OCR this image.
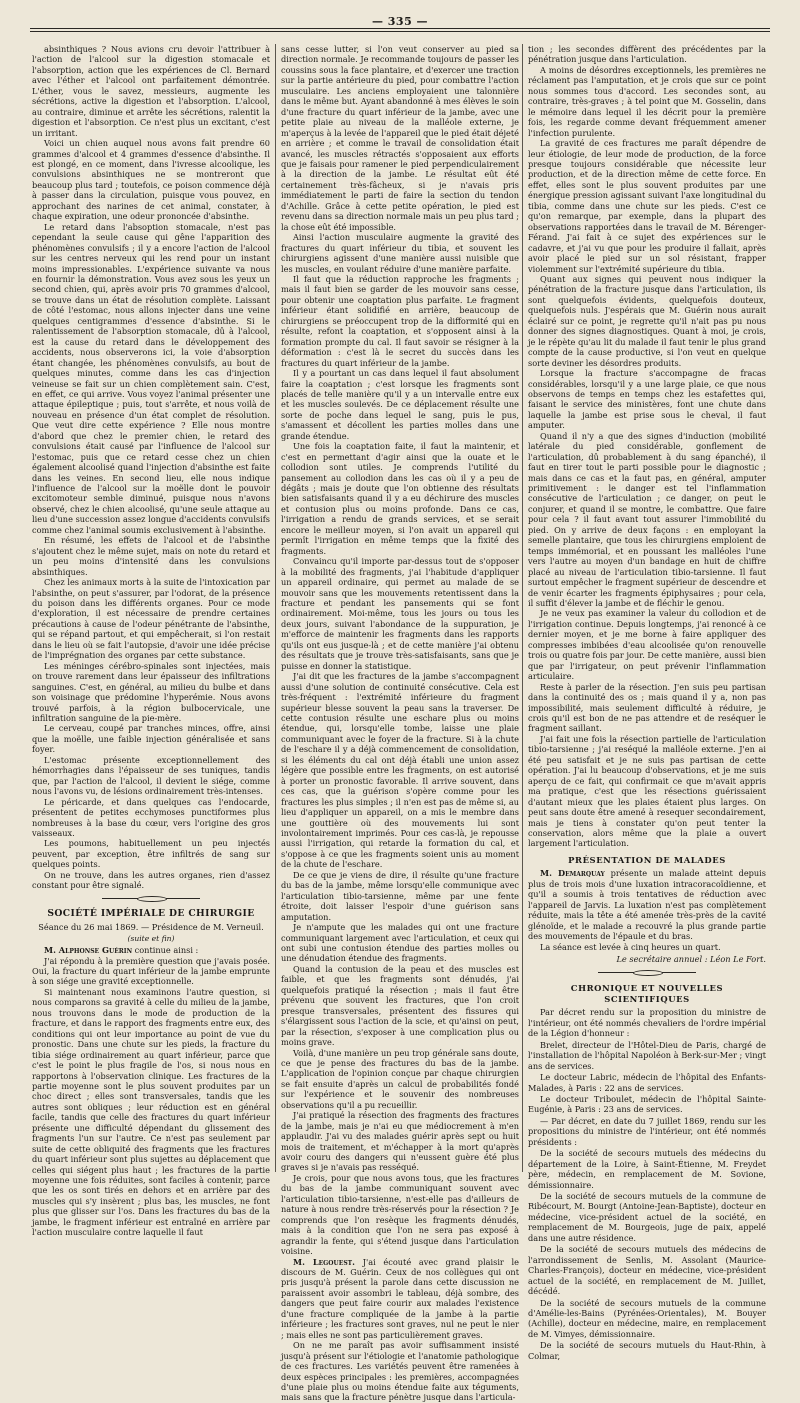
— 335 —

absinthiques ? Nous avions cru devoir l'attribuer à l'action de l'alcool sur la digestion stomacale et l'absorption, action que les expériences de Cl. Bernard avec l'éther et l'alcool ont parfaitement démontrée. L'éther, vous le savez, messieurs, augmente les sécrétions, active la digestion et l'absorption. L'alcool, au contraire, diminue et arrête les sécrétions, ralentit la digestion et l'absorption. Ce n'est plus un excitant, c'est un irritant.

Voici un chien auquel nous avons fait prendre 60 grammes d'alcool et 4 grammes d'essence d'absinthe. Il est plongé, en ce moment, dans l'ivresse alcoolique, les convulsions absinthiques ne se montreront que beaucoup plus tard ; toutefois, ce poison commence déjà à passer dans la circulation, puisque vous pouvez, en approchant des narines de cet animal, constater, à chaque expiration, une odeur prononcée d'absinthe.

Le retard dans l'absoption stomacale, n'est pas cependant la seule cause qui gêne l'apparition des phénomènes convulsifs ; il y a encore l'action de l'alcool sur les centres nerveux qui les rend pour un instant moins impressionables. L'expérience suivante va nous en fournir la démonstration. Vous avez sous les yeux un second chien, qui, après avoir pris 70 grammes d'alcool, se trouve dans un état de résolution complète. Laissant de côté l'estomac, nous allons injecter dans une veine quelques centigrammes d'essence d'absinthe. Si le ralentissement de l'absorption stomacale, dû à l'alcool, est la cause du retard dans le développement des accidents, nous observerons ici, la voie d'absorption étant changée, les phénomènes convulsifs, au bout de quelques minutes, comme dans les cas d'injection veineuse se fait sur un chien complètement sain. C'est, en effet, ce qui arrive. Vous voyez l'animal présenter une attaque épileptique ; puis, tout s'arrête, et nous voilà de nouveau en présence d'un état complet de résolution. Que veut dire cette expérience ? Elle nous montre d'abord que chez le premier chien, le retard des convulsions était causé par l'influence de l'alcool sur l'estomac, puis que ce retard cesse chez un chien également alcoolisé quand l'injection d'absinthe est faite dans les veines. En second lieu, elle nous indique l'influence de l'alcool sur la moëlle dont le pouvoir excitomoteur semble diminué, puisque nous n'avons observé, chez le chien alcoolisé, qu'une seule attaque au lieu d'une succession assez longue d'accidents convulsifs comme chez l'animal soumis exclusivement à l'absinthe.

En résumé, les effets de l'alcool et de l'absinthe s'ajoutent chez le même sujet, mais on note du retard et un peu moins d'intensité dans les convulsions absinthiques.

Chez les animaux morts à la suite de l'intoxication par l'absinthe, on peut s'assurer, par l'odorat, de la présence du poison dans les différents organes. Pour ce mode d'exploration, il est nécessaire de prendre certaines précautions à cause de l'odeur pénétrante de l'absinthe, qui se répand partout, et qui empêcherait, si l'on restait dans le lieu où se fait l'autopsie, d'avoir une idée précise de l'imprégnation des organes par cette substance.

Les méninges cérébro-spinales sont injectées, mais on trouve rarement dans leur épaisseur des infiltrations sanguines. C'est, en général, au milieu du bulbe et dans son voisinage que prédomine l'hyperémie. Nous avons trouvé parfois, à la région bulbocervicale, une infiltration sanguine de la pie-mère.

Le cerveau, coupé par tranches minces, offre, ainsi que la moëlle, une faible injection généralisée et sans foyer.

L'estomac présente exceptionnellement des hémorrhagies dans l'épaisseur de ses tuniques, tandis que, par l'action de l'alcool, il devient le siége, comme nous l'avons vu, de lésions ordinairement très-intenses.

Le péricarde, et dans quelques cas l'endocarde, présentent de petites ecchymoses punctiformes plus nombreuses à la base du cœur, vers l'origine des gros vaisseaux.

Les poumons, habituellement un peu injectés peuvent, par exception, être infiltrés de sang sur quelques points.

On ne trouve, dans les autres organes, rien d'assez constant pour être signalé.

SOCIÉTÉ IMPÉRIALE DE CHIRURGIE

Séance du 26 mai 1869. — Présidence de M. Verneuil.

(suite et fin)

M. Alphonse Guérin continue ainsi :

J'ai répondu à la première question que j'avais posée. Oui, la fracture du quart inférieur de la jambe emprunte à son siége une gravité exceptionnelle.

Si maintenant nous examinons l'autre question, si nous comparons sa gravité à celle du milieu de la jambe, nous trouvons dans le mode de production de la fracture, et dans le rapport des fragments entre eux, des conditions qui ont leur importance au point de vue du pronostic. Dans une chute sur les pieds, la fracture du tibia siége ordinairement au quart inférieur, parce que c'est le point le plus fragile de l'os, si nous nous en rapportons à l'observation clinique. Les fractures de la partie moyenne sont le plus souvent produites par un choc direct ; elles sont transversales, tandis que les autres sont obliques ; leur réduction est en général facile, tandis que celle des fractures du quart inférieur présente une difficulté dépendant du glissement des fragments l'un sur l'autre. Ce n'est pas seulement par suite de cette obliquité des fragments que les fractures du quart inférieur sont plus sujettes au déplacement que celles qui siégent plus haut ; les fractures de la partie moyenne une fois réduites, sont faciles à contenir, parce que les os sont tirés en dehors et en arrière par des muscles qui s'y insèrent ; plus bas, les muscles, ne font plus que glisser sur l'os. Dans les fractures du bas de la jambe, le fragment inférieur est entraîné en arrière par l'action musculaire contre laquelle il faut

sans cesse lutter, si l'on veut conserver au pied sa direction normale. Je recommande toujours de passer les coussins sous la face plantaire, et d'exercer une traction sur la partie antérieure du pied, pour combattre l'action musculaire. Les anciens employaient une talonnière dans le même but. Ayant abandonné à mes élèves le soin d'une fracture du quart inférieur de la jambe, avec une petite plaie au niveau de la malléole externe, je m'aperçus à la levée de l'appareil que le pied était déjeté en arrière ; et comme le travail de consolidation était avancé, les muscles rétractés s'opposaient aux efforts que je faisais pour ramener le pied perpendiculairement à la direction de la jambe. Le résultat eût été certainement très-fâcheux, si je n'avais pris immédiatement le parti de faire la section du tendon d'Achille. Grâce à cette petite opération, le pied est revenu dans sa direction normale mais un peu plus tard ; la chose eût été impossible.

Ainsi l'action musculaire augmente la gravité des fractures du quart inférieur du tibia, et souvent les chirurgiens agissent d'une manière aussi nuisible que les muscles, en voulant réduire d'une manière parfaite.

Il faut que la réduction rapproche les fragments ; mais il faut bien se garder de les mouvoir sans cesse, pour obtenir une coaptation plus parfaite. Le fragment inférieur étant solidifié en arrière, beaucoup de chirurgiens se préoccupent trop de la difformité qui en résulte, refont la coaptation, et s'opposent ainsi à la formation prompte du cal. Il faut savoir se résigner à la déformation : c'est là le secret du succès dans les fractures du quart inférieur de la jambe.

Il y a pourtant un cas dans lequel il faut absolument faire la coaptation ; c'est lorsque les fragments sont placés de telle manière qu'il y a un intervalle entre eux et les muscles soulevés. De ce déplacement résulte une sorte de poche dans lequel le sang, puis le pus, s'amassent et décollent les parties molles dans une grande étendue.

Une fois la coaptation faite, il faut la maintenir, et c'est en permettant d'agir ainsi que la ouate et le collodion sont utiles. Je comprends l'utilité du pansement au collodion dans les cas où il y a peu de dégâts ; mais je doute que l'on obtienne des résultats bien satisfaisants quand il y a eu déchirure des muscles et contusion plus ou moins profonde. Dans ce cas, l'irrigation a rendu de grands services, et se serait encore le meilleur moyen, si l'on avait un appareil qui permît l'irrigation en même temps que la fixité des fragments.

Convaincu qu'il importe par-dessus tout de s'opposer à la mobilité des fragments, j'ai l'habitude d'appliquer un appareil ordinaire, qui permet au malade de se mouvoir sans que les mouvements retentissent dans la fracture et pendant les pansements qui se font ordinairement. Moi-même, tous les jours ou tous les deux jours, suivant l'abondance de la suppuration, je m'efforce de maintenir les fragments dans les rapports qu'ils ont eus jusque-là ; et de cette manière j'ai obtenu des résultats que je trouve très-satisfaisants, sans que je puisse en donner la statistique.

J'ai dit que les fractures de la jambe s'accompagnent aussi d'une solution de continuité consécutive. Cela est très-fréquent : l'extrémité inférieure du fragment supérieur blesse souvent la peau sans la traverser. De cette contusion résulte une eschare plus ou moins étendue, qui, lorsqu'elle tombe, laisse une plaie communiquant avec le foyer de la fracture. Si à la chute de l'eschare il y a déjà commencement de consolidation, si les éléments du cal ont déjà établi une union assez légère que possible entre les fragments, on est autorisé à porter un pronostic favorable. Il arrive souvent, dans ces cas, que la guérison s'opère comme pour les fractures les plus simples ; il n'en est pas de même si, au lieu d'appliquer un appareil, on a mis le membre dans une gouttière où des mouvements lui sont involontairement imprimés. Pour ces cas-là, je repousse aussi l'irrigation, qui retarde la formation du cal, et s'oppose à ce que les fragments soient unis au moment de la chute de l'eschare.

De ce que je viens de dire, il résulte qu'une fracture du bas de la jambe, même lorsqu'elle communique avec l'articulation tibio-tarsienne, même par une fente étroite, doit laisser l'espoir d'une guérison sans amputation.

Je n'ampute que les malades qui ont une fracture communiquant largement avec l'articulation, et ceux qui ont subi une contusion étendue des parties molles ou une dénudation étendue des fragments.

Quand la contusion de la peau et des muscles est faible, et que les fragments sont dénudés, j'ai quelquefois pratiqué la résection ; mais il faut être prévenu que souvent les fractures, que l'on croit presque transversales, présentent des fissures qui s'élargissent sous l'action de la scie, et qu'ainsi on peut, par la résection, s'exposer à une complication plus ou moins grave.

Voilà, d'une manière un peu trop générale sans doute, ce que je pense des fractures du bas de la jambe. L'application de l'opinion conçue par chaque chirurgien se fait ensuite d'après un calcul de probabilités fondé sur l'expérience et le souvenir des nombreuses observations qu'il a pu recueillir.

J'ai pratiqué la résection des fragments des fractures de la jambe, mais je n'ai eu que médiocrement à m'en applaudir. J'ai vu des malades guérir après sept ou huit mois de traitement, et m'échapper à la mort qu'après avoir couru des dangers qui n'eussent guère été plus graves si je n'avais pas resséqué.

Je crois, pour que nous avons tous, que les fractures du bas de la jambe communiquant souvent avec l'articulation tibio-tarsienne, n'est-elle pas d'ailleurs de nature à nous rendre très-réservés pour la résection ? Je comprends que l'on resèque les fragments dénudés, mais à la condition que l'on ne sera pas exposé à agrandir la fente, qui s'étend jusque dans l'articulation voisine.

M. Legouest. J'ai écouté avec grand plaisir le discours de M. Guérin. Ceux de nos collègues qui ont pris jusqu'à présent la parole dans cette discussion ne paraissent avoir assombri le tableau, déjà sombre, des dangers que peut faire courir aux malades l'existence d'une fracture compliquée de la jambe à la partie inférieure ; les fractures sont graves, nul ne peut le nier ; mais elles ne sont pas particulièrement graves.

On ne me paraît pas avoir suffisamment insisté jusqu'à présent sur l'étiologie et l'anatomie pathologique de ces fractures. Les variétés peuvent être ramenées à deux espèces principales : les premières, accompagnées d'une plaie plus ou moins étendue faite aux téguments, mais sans que la fracture pénètre jusque dans l'articula-

tion ; les secondes diffèrent des précédentes par la pénétration jusque dans l'articulation.

A moins de désordres exceptionnels, les premières ne réclament pas l'amputation, et je crois que sur ce point nous sommes tous d'accord. Les secondes sont, au contraire, très-graves ; à tel point que M. Gosselin, dans le mémoire dans lequel il les décrit pour la première fois, les regarde comme devant fréquemment amener l'infection purulente.

La gravité de ces fractures me paraît dépendre de leur étiologie, de leur mode de production, de la force presque toujours considérable que nécessite leur production, et de la direction même de cette force. En effet, elles sont le plus souvent produites par une énergique pression agissant suivant l'axe longitudinal du tibia, comme dans une chute sur les pieds. C'est ce qu'on remarque, par exemple, dans la plupart des observations rapportées dans le travail de M. Bérenger-Férand. J'ai fait à ce sujet des expériences sur le cadavre, et j'ai vu que pour les produire il fallait, après avoir placé le pied sur un sol résistant, frapper violemment sur l'extrémité supérieure du tibia.

Quant aux signes qui peuvent nous indiquer la pénétration de la fracture jusque dans l'articulation, ils sont quelquefois évidents, quelquefois douteux, quelquefois nuls. J'espérais que M. Guérin nous aurait éclairé sur ce point, je regrette qu'il n'ait pas pu nous donner des signes diagnostiques. Quant à moi, je crois, je le répète qu'au lit du malade il faut tenir le plus grand compte de la cause productive, si l'on veut en quelque sorte deviner les désordres produits.

Lorsque la fracture s'accompagne de fracas considérables, lorsqu'il y a une large plaie, ce que nous observons de temps en temps chez les estafettes qui, faisant le service des ministères, font une chute dans laquelle la jambe est prise sous le cheval, il faut amputer.

Quand il n'y a que des signes d'induction (mobilité latérale du pied considérable, gonflement de l'articulation, dû probablement à du sang épanché), il faut en tirer tout le parti possible pour le diagnostic ; mais dans ce cas et la faut pas, en général, amputer primitivement : le danger est tel l'inflammation consécutive de l'articulation ; ce danger, on peut le conjurer, et quand il se montre, le combattre. Que faire pour cela ? il faut avant tout assurer l'immobilité du pied. On y arrive de deux façons : en employant la semelle plantaire, que tous les chirurgiens emploient de temps immémorial, et en poussant les malléoles l'une vers l'autre au moyen d'un bandage en huit de chiffre placé au niveau de l'articulation tibio-tarsienne. Il faut surtout empêcher le fragment supérieur de descendre et de venir écarter les fragments épiphysaires ; pour cela, il suffit d'élever la jambe et de fléchir le genou.

Je ne veux pas examiner la valeur du collodion et de l'irrigation continue. Depuis longtemps, j'ai renoncé à ce dernier moyen, et je me borne à faire appliquer des compresses imbibées d'eau alcoolisée qu'on renouvelle trois ou quatre fois par jour. De cette manière, aussi bien que par l'irrigateur, on peut prévenir l'inflammation articulaire.

Reste à parler de la résection. J'en suis peu partisan dans la continuité des os ; mais quand il y a, non pas impossibilité, mais seulement difficulté à réduire, je crois qu'il est bon de ne pas attendre et de reséquer le fragment saillant.

J'ai fait une fois la résection partielle de l'articulation tibio-tarsienne ; j'ai reséqué la malléole externe. J'en ai été peu satisfait et je ne suis pas partisan de cette opération. J'ai lu beaucoup d'observations, et je me suis aperçu de ce fait, qui confirmait ce que m'avait appris ma pratique, c'est que les résections guérissaient d'autant mieux que les plaies étaient plus larges. On peut sans doute être amené à resequer secondairement, mais je tiens à constater qu'on peut tenter la conservation, alors même que la plaie a ouvert largement l'articulation.

PRÉSENTATION DE MALADES

M. Demarquay présente un malade atteint depuis plus de trois mois d'une luxation intracoracoïdienne, et qu'il a soumis à trois tentatives de réduction avec l'appareil de Jarvis. La luxation n'est pas complètement réduite, mais la tête a été amenée très-près de la cavité glénoïde, et le malade a recouvré la plus grande partie des mouvements de l'épaule et du bras.

La séance est levée à cinq heures un quart.

Le secrétaire annuel : Léon Le Fort.

CHRONIQUE ET NOUVELLES SCIENTIFIQUES

Par décret rendu sur la proposition du ministre de l'intérieur, ont été nommés chevaliers de l'ordre impérial de la Légion d'honneur :

Brelet, directeur de l'Hôtel-Dieu de Paris, chargé de l'installation de l'hôpital Napoléon à Berk-sur-Mer ; vingt ans de services.

Le docteur Labric, médecin de l'hôpital des Enfants-Malades, à Paris : 22 ans de services.

Le docteur Triboulet, médecin de l'hôpital Sainte-Eugénie, à Paris : 23 ans de services.

— Par décret, en date du 7 juillet 1869, rendu sur les propositions du ministre de l'intérieur, ont été nommés présidents :

De la société de secours mutuels des médecins du département de la Loire, à Saint-Étienne, M. Freydet père, médecin, en remplacement de M. Sovione, démissionnaire.

De la société de secours mutuels de la commune de Ribécourt, M. Bourgt (Antoine-Jean-Baptiste), docteur en médecine, vice-président actuel de la société, en remplacement de M. Bourgeois, juge de paix, appelé dans une autre résidence.

De la société de secours mutuels des médecins de l'arrondissement de Senlis, M. Assolant (Maurice-Charles-François), docteur en médecine, vice-président actuel de la société, en remplacement de M. Juillet, décédé.

De la société de secours mutuels de la commune d'Amélie-les-Bains (Pyrénées-Orientales), M. Bouyer (Achille), docteur en médecine, maire, en remplacement de M. Vimyes, démissionnaire.

De la société de secours mutuels du Haut-Rhin, à Colmar,
